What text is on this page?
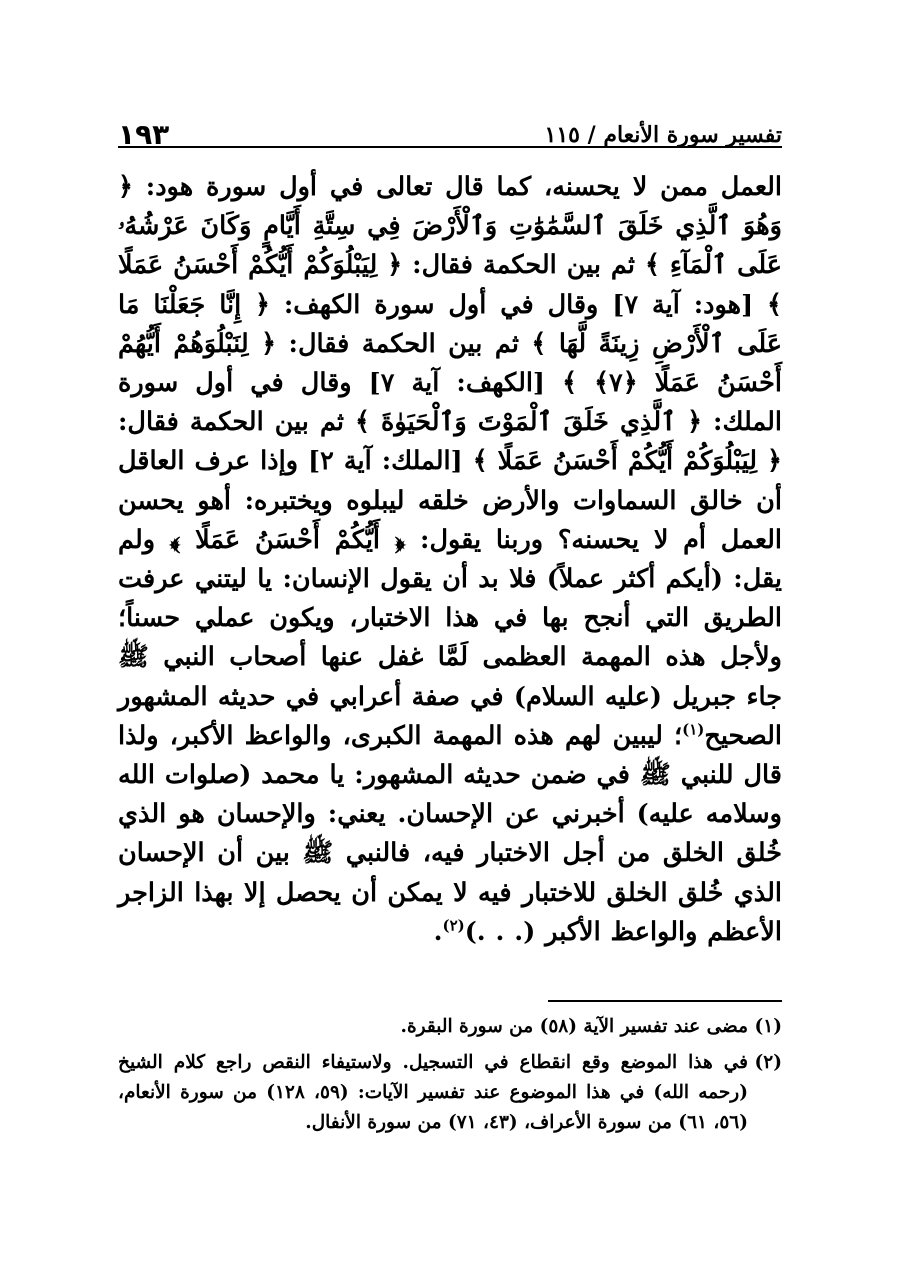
تفسير سورة الأنعام / ١١٥
١٩٣

العمل ممن لا يحسنه، كما قال تعالى في أول سورة هود: ﴿ وَهُوَ ٱلَّذِي خَلَقَ ٱلسَّمَٰوَٰتِ وَٱلْأَرْضَ فِي سِتَّةِ أَيَّامٍ وَكَانَ عَرْشُهُۥ عَلَى ٱلْمَآءِ ﴾ ثم بين الحكمة فقال: ﴿ لِيَبْلُوَكُمْ أَيُّكُمْ أَحْسَنُ عَمَلًا ﴾ [هود: آية ٧] وقال في أول سورة الكهف: ﴿ إِنَّا جَعَلْنَا مَا عَلَى ٱلْأَرْضِ زِينَةً لَّهَا ﴾ ثم بين الحكمة فقال: ﴿ لِنَبْلُوَهُمْ أَيُّهُمْ أَحْسَنُ عَمَلًا ﴿٧﴾ ﴾ [الكهف: آية ٧] وقال في أول سورة الملك: ﴿ ٱلَّذِي خَلَقَ ٱلْمَوْتَ وَٱلْحَيَوٰةَ ﴾ ثم بين الحكمة فقال: ﴿ لِيَبْلُوَكُمْ أَيُّكُمْ أَحْسَنُ عَمَلًا ﴾ [الملك: آية ٢] وإذا عرف العاقل أن خالق السماوات والأرض خلقه ليبلوه ويختبره: أهو يحسن العمل أم لا يحسنه؟ وربنا يقول: ﴿ أَيُّكُمْ أَحْسَنُ عَمَلًا ﴾ ولم يقل: (أيكم أكثر عملاً) فلا بد أن يقول الإنسان: يا ليتني عرفت الطريق التي أنجح بها في هذا الاختبار، ويكون عملي حسناً؛ ولأجل هذه المهمة العظمى لَمَّا غفل عنها أصحاب النبي ﷺ جاء جبريل (عليه السلام) في صفة أعرابي في حديثه المشهور الصحيح$^{(١)}$؛ ليبين لهم هذه المهمة الكبرى، والواعظ الأكبر، ولذا قال للنبي ﷺ في ضمن حديثه المشهور: يا محمد (صلوات الله وسلامه عليه) أخبرني عن الإحسان. يعني: والإحسان هو الذي خُلق الخلق من أجل الاختبار فيه، فالنبي ﷺ بين أن الإحسان الذي خُلق الخلق للاختبار فيه لا يمكن أن يحصل إلا بهذا الزاجر الأعظم والواعظ الأكبر (. . .)$^{(٢)}$.

(١)
مضى عند تفسير الآية (٥٨) من سورة البقرة.
(٢)
في هذا الموضع وقع انقطاع في التسجيل. ولاستيفاء النقص راجع كلام الشيخ (رحمه الله) في هذا الموضوع عند تفسير الآيات: (٥٩، ١٢٨) من سورة الأنعام، (٥٦، ٦١) من سورة الأعراف، (٤٣، ٧١) من سورة الأنفال.
